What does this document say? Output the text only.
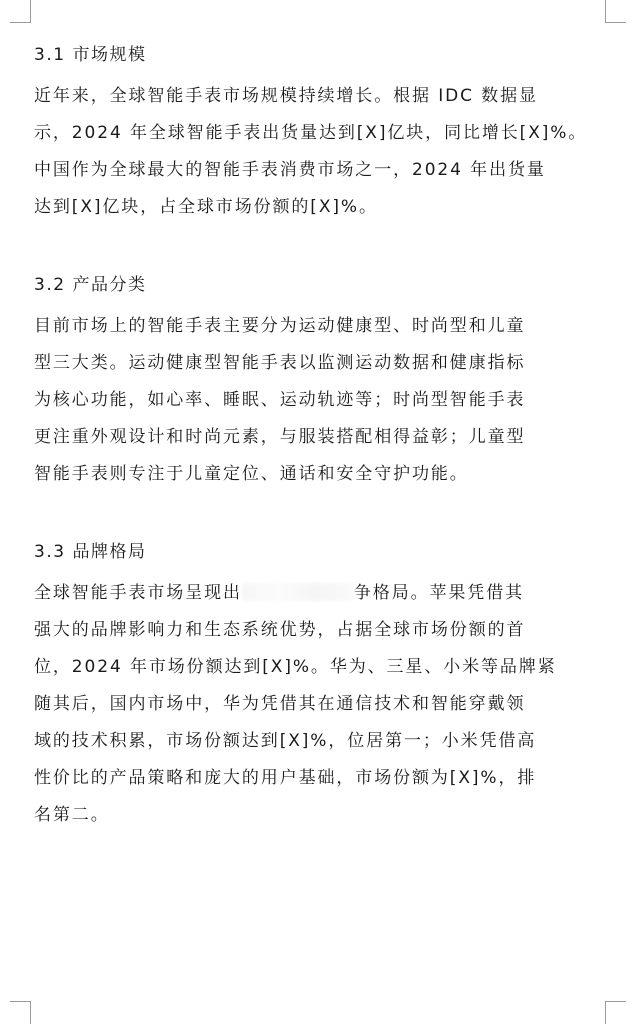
3.1 市场规模

近年来，全球智能手表市场规模持续增长。根据 IDC 数据显
示，2024 年全球智能手表出货量达到[X]亿块，同比增长[X]%。
中国作为全球最大的智能手表消费市场之一，2024 年出货量
达到[X]亿块，占全球市场份额的[X]%。

3.2 产品分类

目前市场上的智能手表主要分为运动健康型、时尚型和儿童
型三大类。运动健康型智能手表以监测运动数据和健康指标
为核心功能，如心率、睡眠、运动轨迹等；时尚型智能手表
更注重外观设计和时尚元素，与服装搭配相得益彰；儿童型
智能手表则专注于儿童定位、通话和安全守护功能。

3.3 品牌格局

全球智能手表市场呈现出	争格局。苹果凭借其
强大的品牌影响力和生态系统优势，占据全球市场份额的首
位，2024 年市场份额达到[X]%。华为、三星、小米等品牌紧
随其后，国内市场中，华为凭借其在通信技术和智能穿戴领
域的技术积累，市场份额达到[X]%，位居第一；小米凭借高
性价比的产品策略和庞大的用户基础，市场份额为[X]%，排
名第二。
